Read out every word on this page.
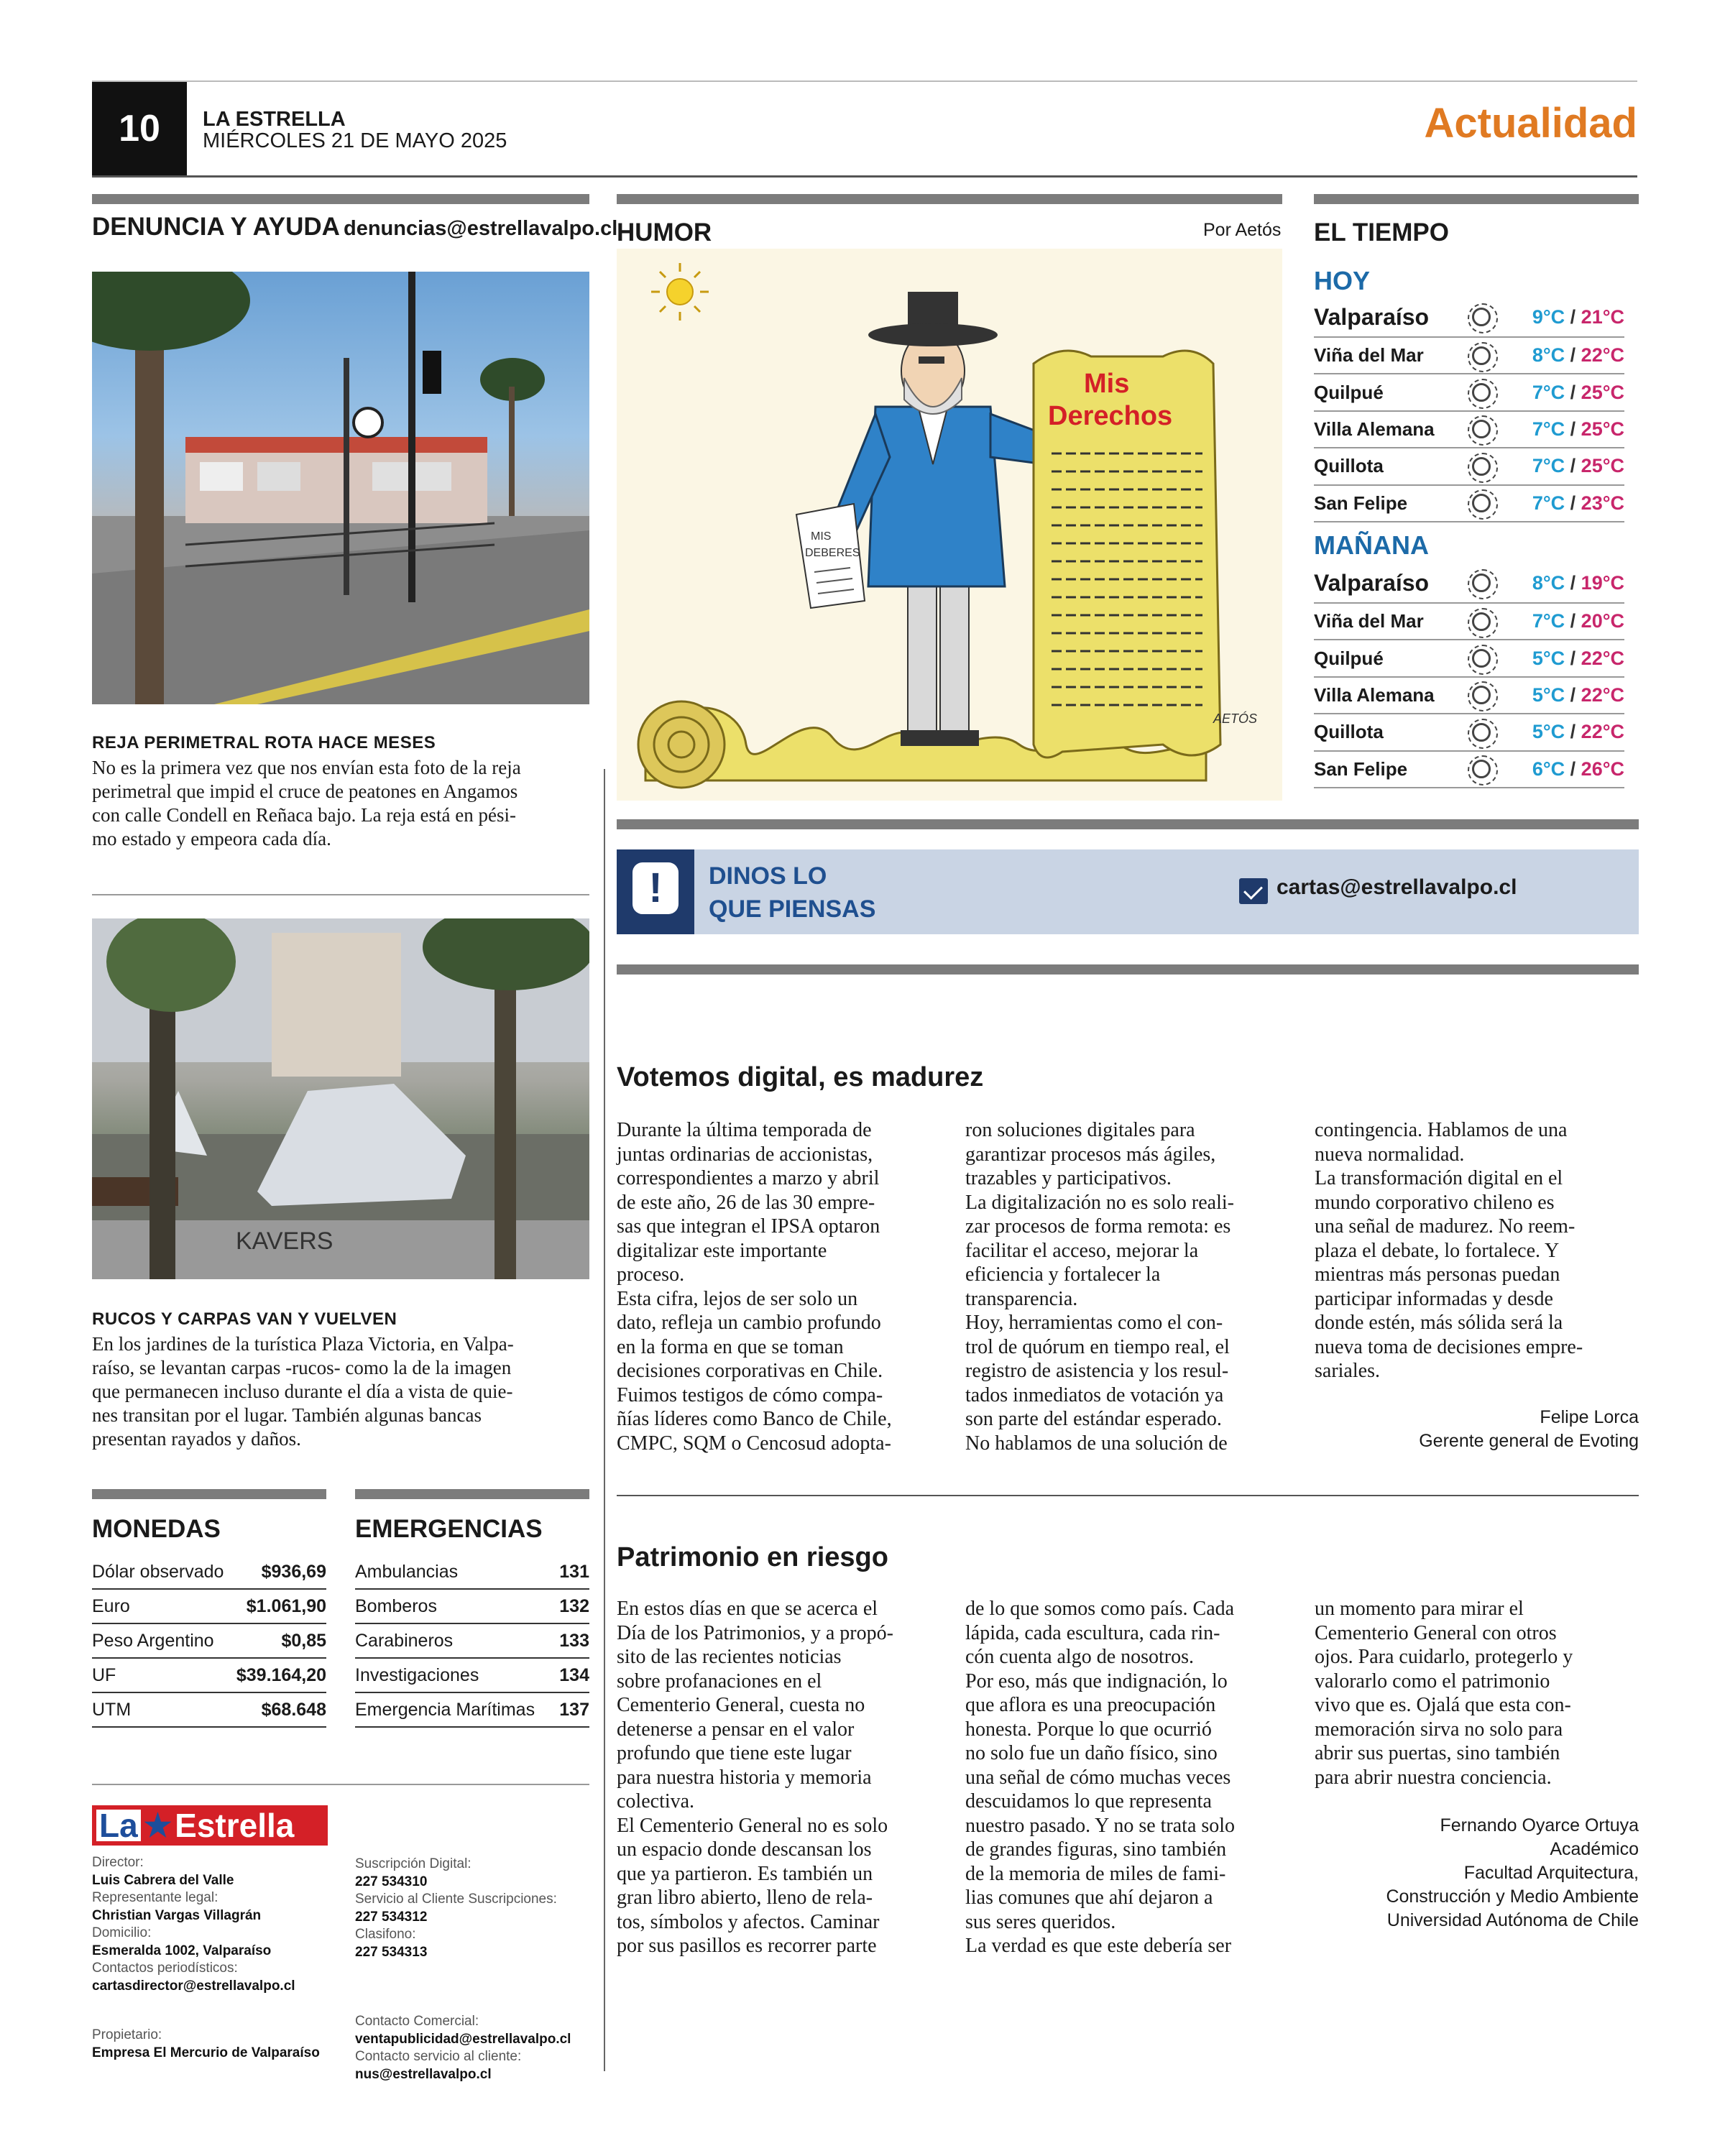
10	LA ESTRELLA
MIÉRCOLES 21 DE MAYO 2025	Actualidad
DENUNCIA Y AYUDA denuncias@estrellavalpo.cl
REJA PERIMETRAL ROTA HACE MESES
No es la primera vez que nos envían esta foto de la reja
perimetral que impid el cruce de peatones en Angamos
con calle Condell en Reñaca bajo. La reja está en pési-
mo estado y empeora cada día.
KAVERS
RUCOS Y CARPAS VAN Y VUELVEN
En los jardines de la turística Plaza Victoria, en Valpa-
raíso, se levantan carpas -rucos- como la de la imagen
que permanecen incluso durante el día a vista de quie-
nes transitan por el lugar. También algunas bancas
presentan rayados y daños.
MONEDAS	EMERGENCIAS
Dólar observado $936,69
Euro	$1.061,90
Peso Argentino	$0,85
UF	$39.164,20
UTM	$68.648
Ambulancias	131
Bomberos	132
Carabineros	133
Investigaciones	134
Emergencia Marítimas 137
La ★ Estrella
Director:
Luis Cabrera del Valle
Representante legal:
Christian Vargas Villagrán
Domicilio:
Esmeralda 1002, Valparaíso
Contactos periodísticos:
cartasdirector@estrellavalpo.cl
Propietario:
Empresa El Mercurio de Valparaíso
Suscripción Digital:
227 534310
Servicio al Cliente Suscripciones:
227 534312
Clasifono:
227 534313
Contacto Comercial:
ventapublicidad@estrellavalpo.cl
Contacto servicio al cliente:
nus@estrellavalpo.cl
HUMOR	Por Aetós
MIS
DEBERES
Mis
Derechos
AETÓS
EL TIEMPO
HOY
Valparaíso	9°C / 21°C
Viña del Mar	8°C / 22°C
Quilpué	7°C / 25°C
Villa Alemana	7°C / 25°C
Quillota	7°C / 25°C
San Felipe	7°C / 23°C
MAÑANA
Valparaíso	8°C / 19°C
Viña del Mar	7°C / 20°C
Quilpué	5°C / 22°C
Villa Alemana	5°C / 22°C
Quillota	5°C / 22°C
San Felipe	6°C / 26°C
!
DINOS LO
QUE PIENSAS
cartas@estrellavalpo.cl
Votemos digital, es madurez

Durante la última temporada de

juntas ordinarias de accionistas,

correspondientes a marzo y abril

de este año, 26 de las 30 empre-

sas que integran el IPSA optaron

digitalizar este importante

proceso.

Esta cifra, lejos de ser solo un

dato, refleja un cambio profundo

en la forma en que se toman

decisiones corporativas en Chile.

Fuimos testigos de cómo compa-

ñías líderes como Banco de Chile,

CMPC, SQM o Cencosud adopta-

ron soluciones digitales para

garantizar procesos más ágiles,

trazables y participativos.

La digitalización no es solo reali-

zar procesos de forma remota: es

facilitar el acceso, mejorar la

eficiencia y fortalecer la

transparencia.

Hoy, herramientas como el con-

trol de quórum en tiempo real, el

registro de asistencia y los resul-

tados inmediatos de votación ya

son parte del estándar esperado.

No hablamos de una solución de

contingencia. Hablamos de una

nueva normalidad.

La transformación digital en el

mundo corporativo chileno es

una señal de madurez. No reem-

plaza el debate, lo fortalece. Y

mientras más personas puedan

participar informadas y desde

donde estén, más sólida será la

nueva toma de decisiones empre-

sariales.

Felipe Lorca
Gerente general de Evoting
Patrimonio en riesgo

En estos días en que se acerca el

Día de los Patrimonios, y a propó-

sito de las recientes noticias

sobre profanaciones en el

Cementerio General, cuesta no

detenerse a pensar en el valor

profundo que tiene este lugar

para nuestra historia y memoria

colectiva.

El Cementerio General no es solo

un espacio donde descansan los

que ya partieron. Es también un

gran libro abierto, lleno de rela-

tos, símbolos y afectos. Caminar

por sus pasillos es recorrer parte

de lo que somos como país. Cada

lápida, cada escultura, cada rin-

cón cuenta algo de nosotros.

Por eso, más que indignación, lo

que aflora es una preocupación

honesta. Porque lo que ocurrió

no solo fue un daño físico, sino

una señal de cómo muchas veces

descuidamos lo que representa

nuestro pasado. Y no se trata solo

de grandes figuras, sino también

de la memoria de miles de fami-

lias comunes que ahí dejaron a

sus seres queridos.

La verdad es que este debería ser

un momento para mirar el

Cementerio General con otros

ojos. Para cuidarlo, protegerlo y

valorarlo como el patrimonio

vivo que es. Ojalá que esta con-

memoración sirva no solo para

abrir sus puertas, sino también

para abrir nuestra conciencia.

Fernando Oyarce Ortuya
Académico
Facultad Arquitectura,
Construcción y Medio Ambiente
Universidad Autónoma de Chile
